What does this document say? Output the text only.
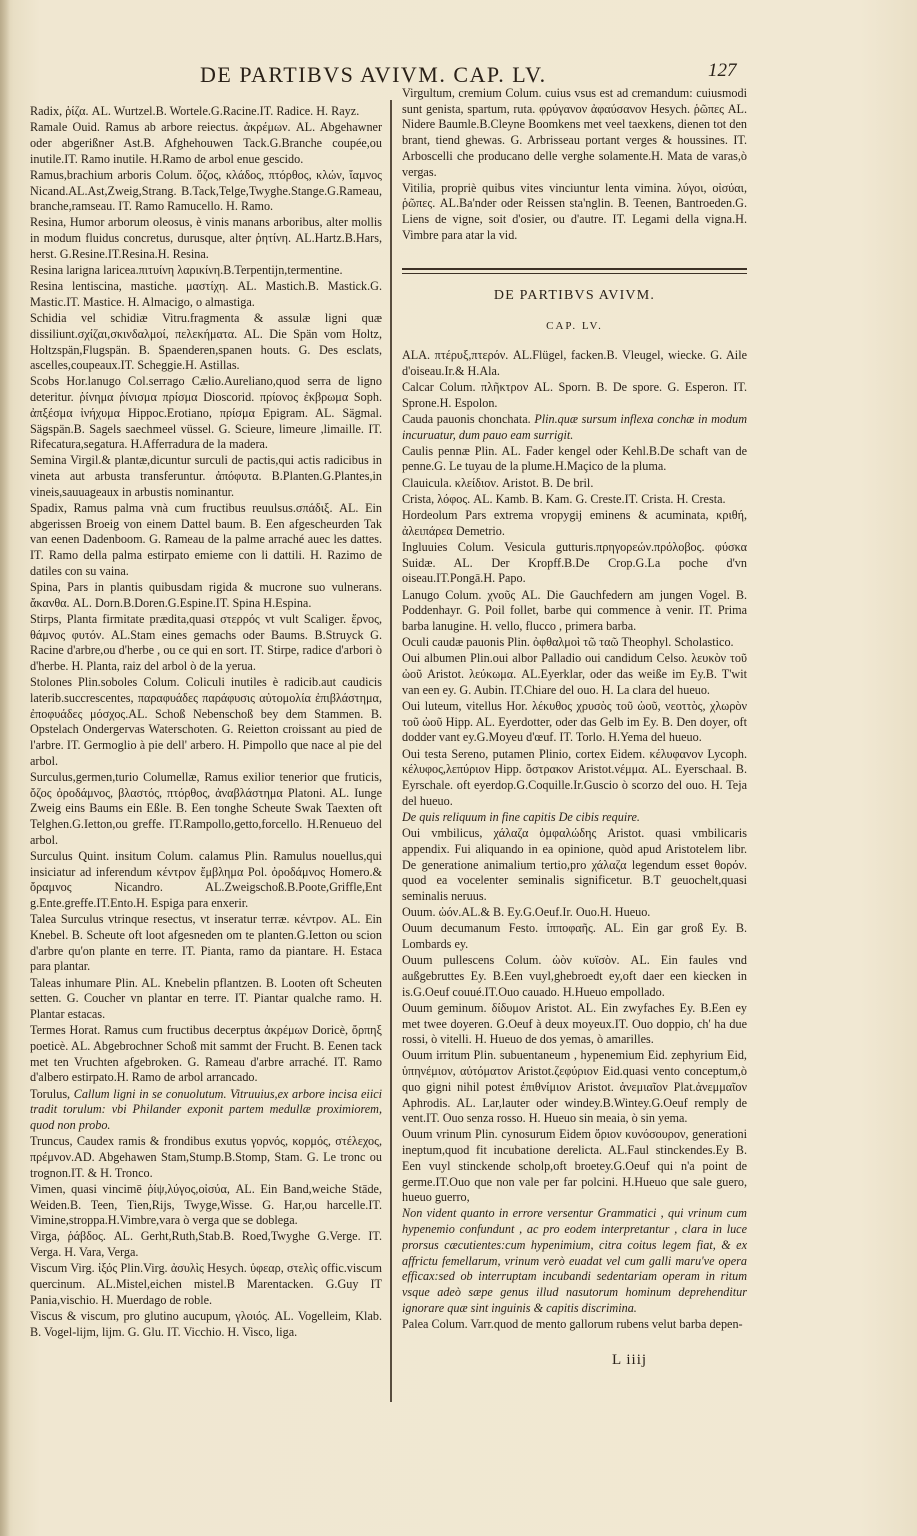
DE PARTIBVS AVIVM. CAP. LV.	127
Radix, ῥίζα. AL. Wurtzel.B. Wortele.G.Racine.IT. Radice. H. Rayz.
Ramale Ouid. Ramus ab arbore reiectus. ἀκρέμων. AL. Abgehawner oder abgerißner Ast.B. Afghehouwen Tack.G.Branche coupée,ou inutile.IT. Ramo inutile. H.Ramo de arbol enue gescido.
Ramus,brachium arboris Colum. ὄζος, κλάδος, πτόρθος, κλών, ἴαμνος Nicand.AL.Ast,Zweig,Strang. B.Tack,Telge,Twyghe.Stange.G.Rameau, branche,ramseau. IT. Ramo Ramucello. H. Ramo.
Resina, Humor arborum oleosus, è vinis manans arboribus, alter mollis in modum fluidus concretus, durusque, alter ῥητίνη. AL.Hartz.B.Hars, herst. G.Resine.IT.Resina.H. Resina.
Resina larigna laricea.πιτυίνη λαρικίνη.B.Terpentijn,termentine.
Resina lentiscina, mastiche. μαστίχη. AL. Mastich.B. Mastick.G. Mastic.IT. Mastice. H. Almacigo, o almastiga.
Schidia vel schidiæ Vitru.fragmenta & assulæ ligni quæ dissiliunt.σχίζαι,σκινδαλμοί, πελεκήματα. AL. Die Spän vom Holtz, Holtzspän,Flugspän. B. Spaenderen,spanen houts. G. Des esclats, ascelles,coupeaux.IT. Scheggie.H. Astillas.
Scobs Hor.lanugo Col.serrago Cælio.Aureliano,quod serra de ligno deteritur. ῥίνημα ῥίνισμα πρίσμα Dioscorid. πρίονος ἐκβρωμα Soph. ἀπξέσμα ἰνήχυμα Hippoc.Erotiano, πρίσμα Epigram. AL. Sägmal. Sägspän.B. Sagels saechmeel vüssel. G. Scieure, limeure ,limaille. IT. Rifecatura,segatura. H.Afferradura de la madera.
Semina Virgil.& plantæ,dicuntur surculi de pactis,qui actis radicibus in vineta aut arbusta transferuntur. ἀπόφυτα. B.Planten.G.Plantes,in vineis,sauuageaux in arbustis nominantur.
Spadix, Ramus palma vnà cum fructibus reuulsus.σπάδιξ. AL. Ein abgerissen Broeig von einem Dattel baum. B. Een afgescheurden Tak van eenen Dadenboom. G. Rameau de la palme arraché auec les dattes. IT. Ramo della palma estirpato emieme con li dattili. H. Razimo de datiles con su vaina.
Spina, Pars in plantis quibusdam rigida & mucrone suo vulnerans. ἄκανθα. AL. Dorn.B.Doren.G.Espine.IT. Spina H.Espina.
Stirps, Planta firmitate prædita,quasi στερρός vt vult Scaliger. ἔρνος, θάμνος φυτόν. AL.Stam eines gemachs oder Baums. B.Struyck G. Racine d'arbre,ou d'herbe , ou ce qui en sort. IT. Stirpe, radice d'arbori ò d'herbe. H. Planta, raiz del arbol ò de la yerua.
Stolones Plin.soboles Colum. Coliculi inutiles è radicib.aut caudicis laterib.succrescentes, παραφυάδες παράφυσις αὐτομολία ἐπιβλάστημα, ἐποφυάδες μόσχος.AL. Schoß Nebenschoß bey dem Stammen. B. Opstelach Ondergervas Waterschoten. G. Reietton croissant au pied de l'arbre. IT. Germoglio à pie dell' arbero. H. Pimpollo que nace al pie del arbol.
Surculus,germen,turio Columellæ, Ramus exilior tenerior que fruticis, ὄζος ὀροδάμνος, βλαστός, πτόρθος, ἀναβλάστημα Platoni. AL. Iunge Zweig eins Baums ein Eßle. B. Een tonghe Scheute Swak Taexten oft Telghen.G.Ietton,ou greffe. IT.Rampollo,getto,forcello. H.Renueuo del arbol.
Surculus Quint. insitum Colum. calamus Plin. Ramulus nouellus,qui insiciatur ad inferendum κέντρον ἔμβλημα Pol. ὀροδάμνος Homero.& ὄραμνος Nicandro. AL.Zweigschoß.B.Poote,Griffle,Ent g.Ente.greffe.IT.Ento.H. Espiga para enxerir.
Talea Surculus vtrinque resectus, vt inseratur terræ. κέντρον. AL. Ein Knebel. B. Scheute oft loot afgesneden om te planten.G.Ietton ou scion d'arbre qu'on plante en terre. IT. Pianta, ramo da piantare. H. Estaca para plantar.
Taleas inhumare Plin. AL. Knebelin pflantzen. B. Looten oft Scheuten setten. G. Coucher vn plantar en terre. IT. Piantar qualche ramo. H. Plantar estacas.
Termes Horat. Ramus cum fructibus decerptus ἀκρέμων Doricè, ὄρπηξ poeticè. AL. Abgebrochner Schoß mit sammt der Frucht. B. Eenen tack met ten Vruchten afgebroken. G. Rameau d'arbre arraché. IT. Ramo d'albero estirpato.H. Ramo de arbol arrancado.
Torulus, Callum ligni in se conuolutum. Vitruuius,ex arbore incisa eiici tradit torulum: vbi Philander exponit partem medullæ proximiorem, quod non probo.
Truncus, Caudex ramis & frondibus exutus γορνός, κορμός, στέλεχος, πρέμνον.AD. Abgehawen Stam,Stump.B.Stomp, Stam. G. Le tronc ou trognon.IT. & H. Tronco.
Vimen, quasi vincimē ῥίψ,λύγος,οἰσύα, AL. Ein Band,weiche Stāde, Weiden.B. Teen, Tien,Rijs, Twyge,Wisse. G. Har,ou harcelle.IT. Vimine,stroppa.H.Vimbre,vara ò verga que se doblega.
Virga, ῥάβδος. AL. Gerht,Ruth,Stab.B. Roed,Twyghe G.Verge. IT. Verga. H. Vara, Verga.
Viscum Virg. ἰξός Plin.Virg. ἀσυλὶς Hesych. ὑφεαρ, στελὶς offic.viscum quercinum. AL.Mistel,eichen mistel.B Marentacken. G.Guy IT Pania,vischio. H. Muerdago de roble.
Viscus & viscum, pro glutino aucupum, γλοιός. AL. Vogelleim, Klab. B. Vogel-lijm, lijm. G. Glu. IT. Vicchio. H. Visco, liga.
Virgultum, cremium Colum. cuius vsus est ad cremandum: cuiusmodi sunt genista, spartum, ruta. φρύγανον ἀφαύσανον Hesych. ῥῶπες AL. Nidere Baumle.B.Cleyne Boomkens met veel taexkens, dienen tot den brant, tiend ghewas. G. Arbrisseau portant verges & houssines. IT. Arboscelli che producano delle verghe solamente.H. Mata de varas,ò vergas.
Vitilia, propriè quibus vites vinciuntur lenta vimina. λύγοι, οἰσύαι, ῥῶπες. AL.Ba'nder oder Reissen sta'nglin. B. Teenen, Bantroeden.G. Liens de vigne, soit d'osier, ou d'autre. IT. Legami della vigna.H. Vimbre para atar la vid.
DE PARTIBVS AVIVM.
CAP. LV.
ALA. πτέρυξ,πτερόν. AL.Flügel, facken.B. Vleugel, wiecke. G. Aile d'oiseau.Ir.& H.Ala.
Calcar Colum. πλῆκτρον AL. Sporn. B. De spore. G. Esperon. IT. Sprone.H. Espolon.
Cauda pauonis chonchata. Plin.quæ sursum inflexa conchæ in modum incuruatur, dum pauo eam surrigit.
Caulis pennæ Plin. AL. Fader kengel oder Kehl.B.De schaft van de penne.G. Le tuyau de la plume.H.Maçico de la pluma.
Clauicula. κλείδιον. Aristot. B. De bril.
Crista, λόφος. AL. Kamb. B. Kam. G. Creste.IT. Crista. H. Cresta.
Hordeolum Pars extrema vropygij eminens & acuminata, κριθή, ἀλειπάρεα Demetrio.
Ingluuies Colum. Vesicula gutturis.πρηγορεών.πρόλοβος. φύσκα Suidæ. AL. Der Kropff.B.De Crop.G.La poche d'vn oiseau.IT.Pongā.H. Papo.
Lanugo Colum. χνοῦς AL. Die Gauchfedern am jungen Vogel. B. Poddenhayr. G. Poil follet, barbe qui commence à venir. IT. Prima barba lanugine. H. vello, flucco , primera barba.
Oculi caudæ pauonis Plin. ὀφθαλμοὶ τῶ ταῶ Theophyl. Scholastico.
Oui albumen Plin.oui albor Palladio oui candidum Celso. λευκὸν τοῦ ὠοῦ Aristot. λεύκωμα. AL.Eyerklar, oder das weiße im Ey.B. T'wit van een ey. G. Aubin. IT.Chiare del ouo. H. La clara del hueuo.
Oui luteum, vitellus Hor. λέκυθος χρυσὸς τοῦ ὠοῦ, νεοττὸς, χλωρὸν τοῦ ὠοῦ Hipp. AL. Eyerdotter, oder das Gelb im Ey. B. Den doyer, oft dodder vant ey.G.Moyeu d'œuf. IT. Torlo. H.Yema del hueuo.
Oui testa Sereno, putamen Plinio, cortex Eidem. κέλυφανον Lycoph. κέλυφος,λεπύριον Hipp. ὄστρακον Aristot.νέμμα. AL. Eyerschaal. B. Eyrschale. oft eyerdop.G.Coquille.Ir.Guscio ò scorzo del ouo. H. Teja del hueuo.
De quis reliquum in fine capitis De cibis require.
Oui vmbilicus, χάλαζα ὀμφαλώδης Aristot. quasi vmbilicaris appendix. Fui aliquando in ea opinione, quòd apud Aristotelem libr. De generatione animalium tertio,pro χάλαζα legendum esset θορόν. quod ea vocelenter seminalis significetur. B.T geuochelt,quasi seminalis neruus.
Ouum. ὠόν.AL.& B. Ey.G.Oeuf.Ir. Ouo.H. Hueuo.
Ouum decumanum Festo. ἱπποφαῆς. AL. Ein gar groß Ey. B. Lombards ey.
Ouum pullescens Colum. ὠὸν κυϊσὸν. AL. Ein faules vnd außgebruttes Ey. B.Een vuyl,ghebroedt ey,oft daer een kiecken in is.G.Oeuf couué.IT.Ouo cauado. H.Hueuo empollado.
Ouum geminum. δίδυμον Aristot. AL. Ein zwyfaches Ey. B.Een ey met twee doyeren. G.Oeuf à deux moyeux.IT. Ouo doppio, ch' ha due rossi, ò vitelli. H. Hueuo de dos yemas, ò amarilles.
Ouum irritum Plin. subuentaneum , hypenemium Eid. zephyrium Eid, ὑπηνέμιον, αὐτόματον Aristot.ζεφύριον Eid.quasi vento conceptum,ò quo gigni nihil potest ἐπιθνίμιον Aristot. ἀνεμιαῖον Plat.ἀνεμμαῖον Aphrodis. AL. Lar,lauter oder windey.B.Wintey.G.Oeuf remply de vent.IT. Ouo senza rosso. H. Hueuo sin meaia, ò sin yema.
Ouum vrinum Plin. cynosurum Eidem ὄριον κυνόσουρον, generationi ineptum,quod fit incubatione derelicta. AL.Faul stinckendes.Ey B. Een vuyl stinckende scholp,oft broetey.G.Oeuf qui n'a point de germe.IT.Ouo que non vale per far polcini. H.Hueuo que sale guero, hueuo guerro,
Non vident quanto in errore versentur Grammatici , qui vrinum cum hypenemio confundunt , ac pro eodem interpretantur , clara in luce prorsus cæcutientes:cum hypenimium, citra coitus legem fiat, & ex affrictu femellarum, vrinum verò euadat vel cum galli maru've opera efficax:sed ob interruptam incubandi sedentariam operam in ritum vsque adeò sæpe genus illud nasutorum hominum deprehenditur ignorare quæ sint inguinis & capitis discrimina.
Palea Colum. Varr.quod de mento gallorum rubens velut barba depen-
L iiij
